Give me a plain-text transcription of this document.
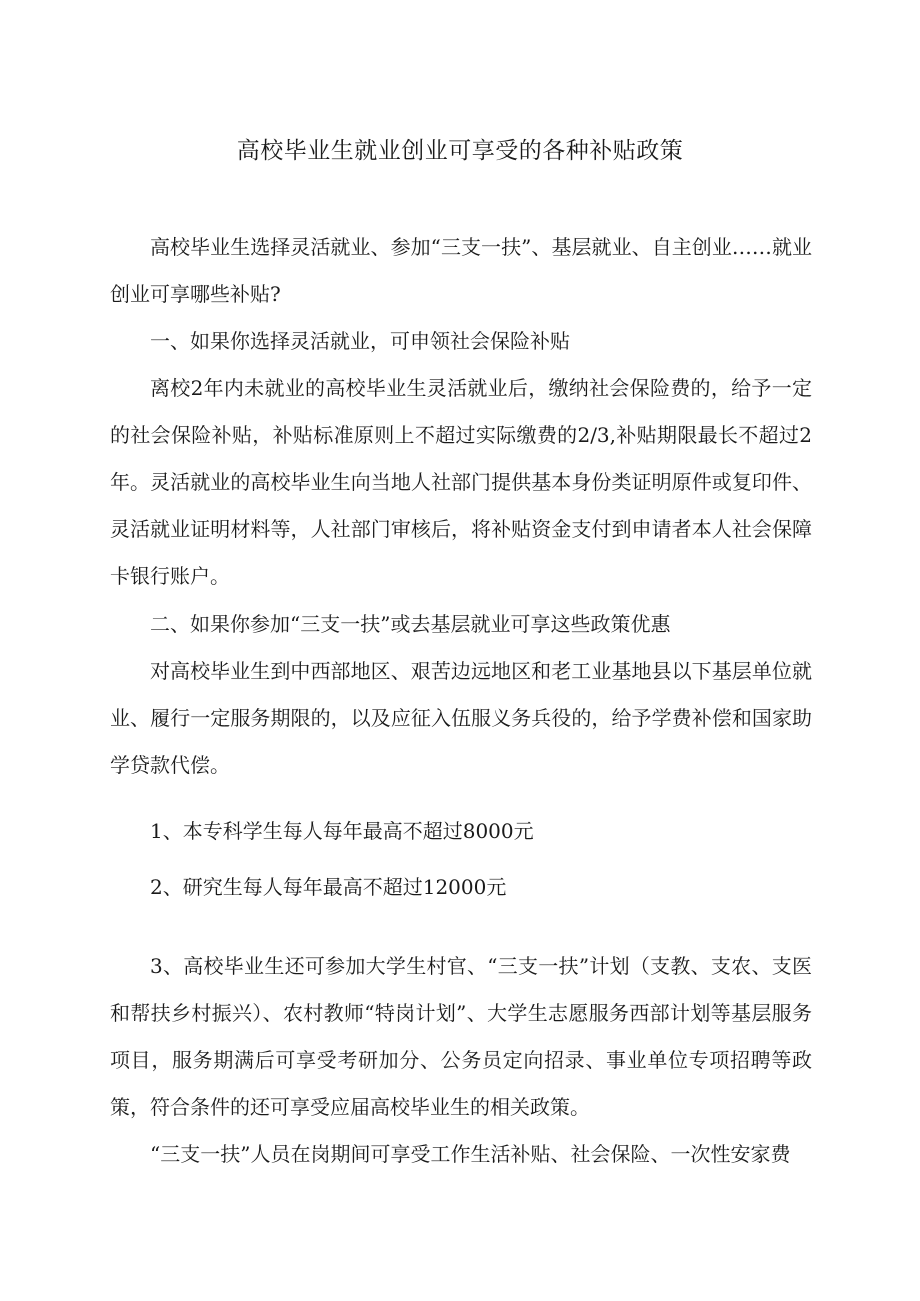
高校毕业生就业创业可享受的各种补贴政策

高校毕业生选择灵活就业、参加“三支一扶”、基层就业、自主创业……就业创业可享哪些补贴?

一、如果你选择灵活就业，可申领社会保险补贴

离校2年内未就业的高校毕业生灵活就业后，缴纳社会保险费的，给予一定的社会保险补贴，补贴标准原则上不超过实际缴费的2/3,补贴期限最长不超过2年。灵活就业的高校毕业生向当地人社部门提供基本身份类证明原件或复印件、灵活就业证明材料等，人社部门审核后，将补贴资金支付到申请者本人社会保障卡银行账户。

二、如果你参加“三支一扶”或去基层就业可享这些政策优惠

对高校毕业生到中西部地区、艰苦边远地区和老工业基地县以下基层单位就业、履行一定服务期限的，以及应征入伍服义务兵役的，给予学费补偿和国家助学贷款代偿。

1、本专科学生每人每年最高不超过8000元

2、研究生每人每年最高不超过12000元

3、高校毕业生还可参加大学生村官、“三支一扶”计划（支教、支农、支医和帮扶乡村振兴）、农村教师“特岗计划”、大学生志愿服务西部计划等基层服务项目，服务期满后可享受考研加分、公务员定向招录、事业单位专项招聘等政策，符合条件的还可享受应届高校毕业生的相关政策。

“三支一扶”人员在岗期间可享受工作生活补贴、社会保险、一次性安家费
